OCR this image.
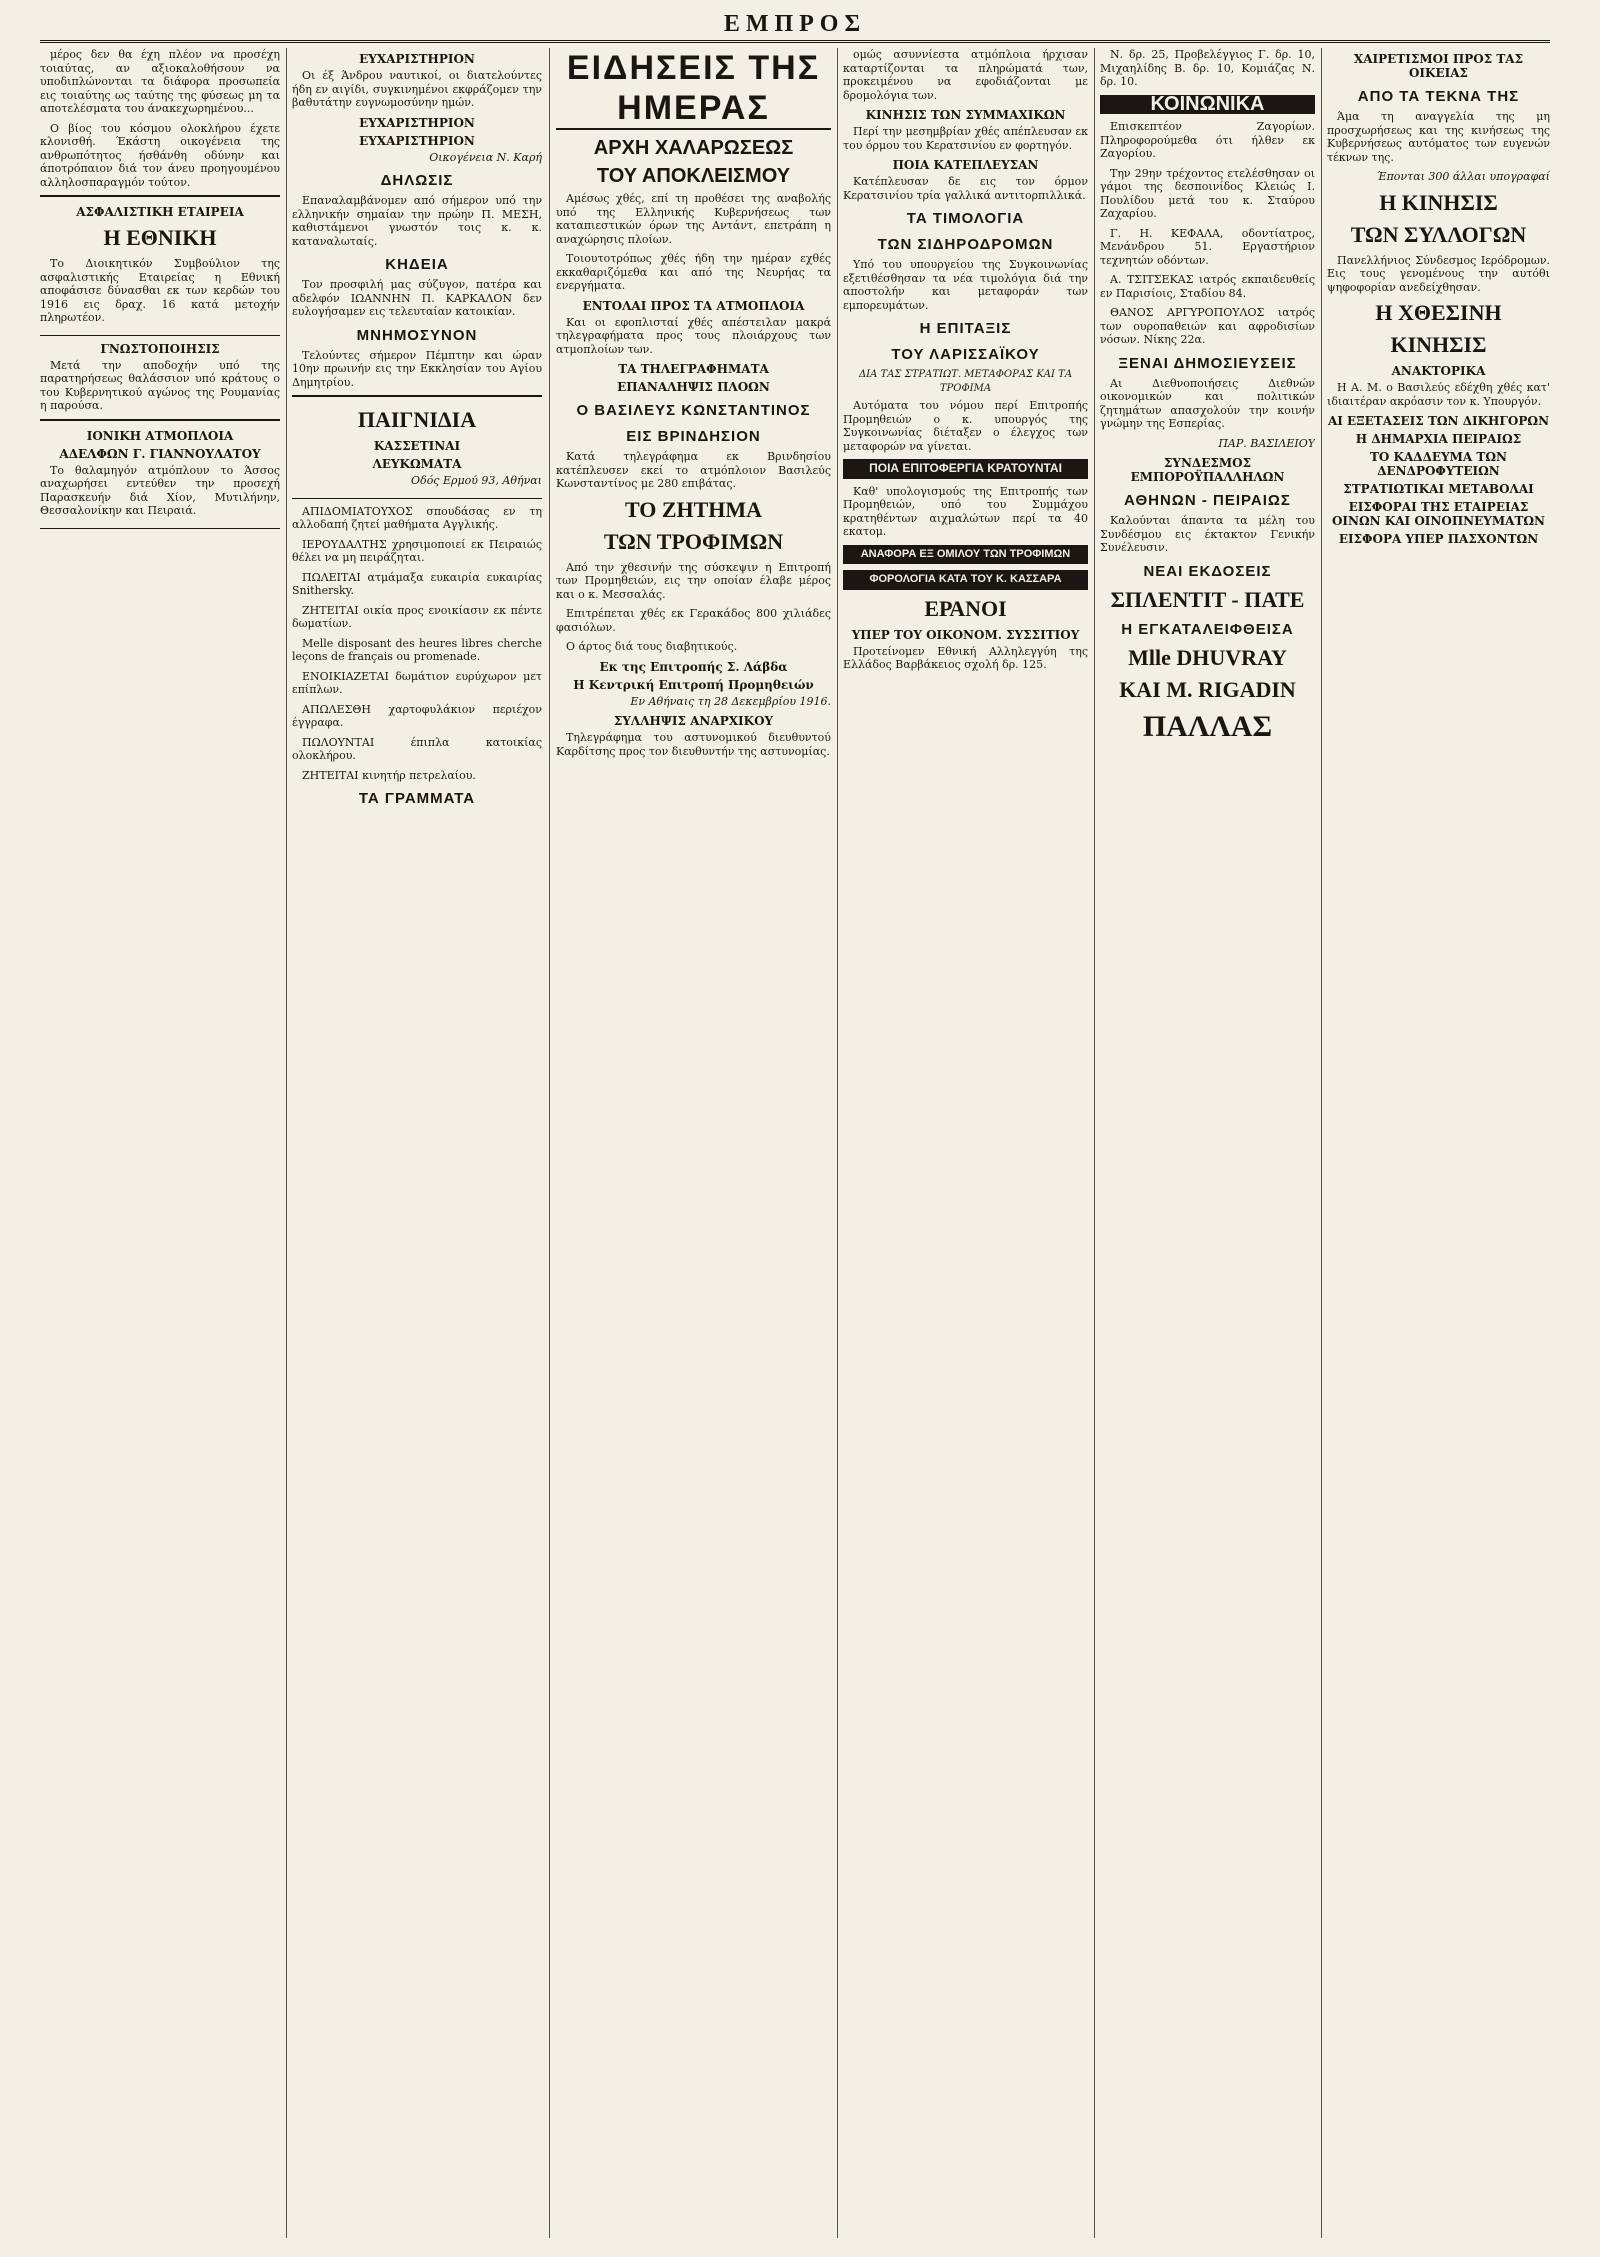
ΕΜΠΡΟΣ

μέρος δεν θα έχη πλέον να προσέχη τοιαύτας, αν αξιοκαλοθήσουν να υποδιπλώνονται τα διάφορα προσωπεία εις τοιαύτης ως ταύτης της φύσεως μη τα αποτελέσματα του άνακεχωρημένου...

Ο βίος του κόσμου ολοκλήρου έχετε κλονισθή. Έκάστη οικογένεια της ανθρωπότητος ήσθάνθη οδύνην και άποτρόπαιον διά τον άνευ προηγουμένου αλληλοσπαραγμόν τούτον.

ΑΣΦΑΛΙΣΤΙΚΗ ΕΤΑΙΡΕΙΑ
Η ΕΘΝΙΚΗ

Το Διοικητικόν Συμβούλιον της ασφαλιστικής Εταιρείας η Εθνική αποφάσισε δύνασθαι εκ των κερδών του 1916 εις δραχ. 16 κατά μετοχήν πληρωτέον.

ΓΝΩΣΤΟΠΟΙΗΣΙΣ

Μετά την αποδοχήν υπό της παρατηρήσεως θαλάσσιον υπό κράτους ο του Κυβερνητικού αγώνος της Ρουμανίας η παρούσα.

ΙΟΝΙΚΗ ΑΤΜΟΠΛΟΙΑ
ΑΔΕΛΦΩΝ Γ. ΓΙΑΝΝΟΥΛΑΤΟΥ

Το θαλαμηγόν ατμόπλουν το Άσσος αναχωρήσει εντεύθεν την προσεχή Παρασκευήν διά Χίον, Μυτιλήνην, Θεσσαλονίκην και Πειραιά.

ΕΥΧΑΡΙΣΤΗΡΙΟΝ

Οι έξ Άνδρου ναυτικοί, οι διατελούντες ήδη εν αιγίδι, συγκινημένοι εκφράζομεν την βαθυτάτην ευγνωμοσύνην ημών.

ΕΥΧΑΡΙΣΤΗΡΙΟΝ
ΕΥΧΑΡΙΣΤΗΡΙΟΝ
Οικογένεια Ν. Καρή
ΔΗΛΩΣΙΣ

Επαναλαμβάνομεν από σήμερον υπό την ελληνικήν σημαίαν την πρώην Π. ΜΕΣΗ, καθιστάμενοι γνωστόν τοις κ. κ. καταναλωταίς.

ΚΗΔΕΙΑ

Τον προσφιλή μας σύζυγον, πατέρα και αδελφόν ΙΩΑΝΝΗΝ Π. ΚΑΡΚΑΛΟΝ δεν ευλογήσαμεν εις τελευταίαν κατοικίαν.

ΜΝΗΜΟΣΥΝΟΝ

Τελούντες σήμερον Πέμπτην και ώραν 10ην πρωινήν εις την Εκκλησίαν του Αγίου Δημητρίου.

ΠΑΙΓΝΙΔΙΑ
ΚΑΣΣΕΤΙΝΑΙ
ΛΕΥΚΩΜΑΤΑ
Οδός Ερμού 93, Αθήναι

ΑΠΙΔΟΜΙΑΤΟΥΧΟΣ σπουδάσας εν τη αλλοδαπή ζητεί μαθήματα Αγγλικής.

ΙΕΡΟΥΔΑΛΤΗΣ χρησιμοποιεί εκ Πειραιώς θέλει να μη πειράζηται.

ΠΩΛΕΙΤΑΙ ατμάμαξα ευκαιρία ευκαιρίας Snithersky.

ΖΗΤΕΙΤΑΙ οικία προς ενοικίασιν εκ πέντε δωματίων.

Melle disposant des heures libres cherche leçons de français ou promenade.

ΕΝΟΙΚΙΑΖΕΤΑΙ δωμάτιον ευρύχωρον μετ επίπλων.

ΑΠΩΛΕΣΘΗ χαρτοφυλάκιον περιέχον έγγραφα.

ΠΩΛΟΥΝΤΑΙ έπιπλα κατοικίας ολοκλήρου.

ΖΗΤΕΙΤΑΙ κινητήρ πετρελαίου.

ΤΑ ΓΡΑΜΜΑΤΑ
ΕΙΔΗΣΕΙΣ ΤΗΣ ΗΜΕΡΑΣ
ΑΡΧΗ ΧΑΛΑΡΩΣΕΩΣ
ΤΟΥ ΑΠΟΚΛΕΙΣΜΟΥ

Αμέσως χθές, επί τη προθέσει της αναβολής υπό της Ελληνικής Κυβερνήσεως των καταπιεστικών όρων της Αντάντ, επετράπη η αναχώρησις πλοίων.

Τοιουτοτρόπως χθές ήδη την ημέραν εχθές εκκαθαριζόμεθα και από της Νευρήας τα ενεργήματα.

ΕΝΤΟΛΑΙ ΠΡΟΣ ΤΑ ΑΤΜΟΠΛΟΙΑ

Και οι εφοπλισταί χθές απέστειλαν μακρά τηλεγραφήματα προς τους πλοιάρχους των ατμοπλοίων των.

ΤΑ ΤΗΛΕΓΡΑΦΗΜΑΤΑ
ΕΠΑΝΑΛΗΨΙΣ ΠΛΟΩΝ
Ο ΒΑΣΙΛΕΥΣ ΚΩΝΣΤΑΝΤΙΝΟΣ
ΕΙΣ ΒΡΙΝΔΗΣΙΟΝ

Κατά τηλεγράφημα εκ Βρινδησίου κατέπλευσεν εκεί το ατμόπλοιον Βασιλεύς Κωνσταντίνος με 280 επιβάτας.

ΤΟ ΖΗΤΗΜΑ
ΤΩΝ ΤΡΟΦΙΜΩΝ

Από την χθεσινήν της σύσκεψιν η Επιτροπή των Προμηθειών, εις την οποίαν έλαβε μέρος και ο κ. Μεσσαλάς.

Επιτρέπεται χθές εκ Γερακάδος 800 χιλιάδες φασιόλων.

Ο άρτος διά τους διαβητικούς.

Εκ της Επιτροπής Σ. Λάβδα
Η Κεντρική Επιτροπή Προμηθειών
Εν Αθήναις τη 28 Δεκεμβρίου 1916.
ΣΥΛΛΗΨΙΣ ΑΝΑΡΧΙΚΟΥ

Τηλεγράφημα του αστυνομικού διευθυντού Καρδίτσης προς τον διευθυντήν της αστυνομίας.

ομώς ασυννίεστα ατμόπλοια ήρχισαν καταρτίζονται τα πληρώματά των, προκειμένου να εφοδιάζονται με δρομολόγια των.

ΚΙΝΗΣΙΣ ΤΩΝ ΣΥΜΜΑΧΙΚΩΝ

Περί την μεσημβρίαν χθές απέπλευσαν εκ του όρμου του Κερατσινίου εν φορτηγόν.

ΠΟΙΑ ΚΑΤΕΠΛΕΥΣΑΝ

Κατέπλευσαν δε εις τον όρμον Κερατσινίου τρία γαλλικά αντιτορπιλλικά.

ΤΑ ΤΙΜΟΛΟΓΙΑ
ΤΩΝ ΣΙΔΗΡΟΔΡΟΜΩΝ

Υπό του υπουργείου της Συγκοινωνίας εξετιθέσθησαν τα νέα τιμολόγια διά την αποστολήν και μεταφοράν των εμπορευμάτων.

Η ΕΠΙΤΑΞΙΣ
ΤΟΥ ΛΑΡΙΣΣΑΪΚΟΥ
ΔΙΑ ΤΑΣ ΣΤΡΑΤΙΩΤ. ΜΕΤΑΦΟΡΑΣ ΚΑΙ ΤΑ ΤΡΟΦΙΜΑ

Αυτόματα του νόμου περί Επιτροπής Προμηθειών ο κ. υπουργός της Συγκοινωνίας διέταξεν ο έλεγχος των μεταφορών να γίνεται.

ΠΟΙΑ ΕΠΙΤΟΦΕΡΓΙΑ ΚΡΑΤΟΥΝΤΑΙ

Καθ' υπολογισμούς της Επιτροπής των Προμηθειών, υπό του Συμμάχου κρατηθέντων αιχμαλώτων περί τα 40 εκατομ.

ΑΝΑΦΟΡΑ ΕΞ ΟΜΙΛΟΥ ΤΩΝ ΤΡΟΦΙΜΩΝ
ΦΟΡΟΛΟΓΙΑ ΚΑΤΑ ΤΟΥ Κ. ΚΑΣΣΑΡΑ
ΕΡΑΝΟΙ
ΥΠΕΡ ΤΟΥ ΟΙΚΟΝΟΜ. ΣΥΣΣΙΤΙΟΥ

Προτείνομεν Εθνική Αλληλεγγύη της Ελλάδος Βαρβάκειος σχολή δρ. 125.

Ν. δρ. 25, Προβελέγγιος Γ. δρ. 10, Μιχαηλίδης Β. δρ. 10, Κομιάζας Ν. δρ. 10.

ΚΟΙΝΩΝΙΚΑ

Επισκεπτέον Ζαγορίων. Πληροφορούμεθα ότι ήλθεν εκ Ζαγορίου.

Την 29ην τρέχοντος ετελέσθησαν οι γάμοι της δεσποινίδος Κλειώς Ι. Πουλίδου μετά του κ. Σταύρου Ζαχαρίου.

Γ. Η. ΚΕΦΑΛΑ, οδοντίατρος, Μενάνδρου 51. Εργαστήριον τεχνητών οδόντων.

Α. ΤΣΙΤΣΕΚΑΣ ιατρός εκπαιδευθείς εν Παρισίοις, Σταδίου 84.

ΘΑΝΟΣ ΑΡΓΥΡΟΠΟΥΛΟΣ ιατρός των ουροπαθειών και αφροδισίων νόσων. Νίκης 22α.

ΞΕΝΑΙ ΔΗΜΟΣΙΕΥΣΕΙΣ

Αι Διεθνοποιήσεις Διεθνών οικονομικών και πολιτικών ζητημάτων απασχολούν την κοινήν γνώμην της Εσπερίας.

ΠΑΡ. ΒΑΣΙΛΕΙΟΥ
ΣΥΝΔΕΣΜΟΣ ΕΜΠΟΡΟΫΠΑΛΛΗΛΩΝ
ΑΘΗΝΩΝ - ΠΕΙΡΑΙΩΣ

Καλούνται άπαντα τα μέλη του Συνδέσμου εις έκτακτον Γενικήν Συνέλευσιν.

ΝΕΑΙ ΕΚΔΟΣΕΙΣ
ΣΠΛΕΝΤΙΤ - ΠΑΤΕ
Η ΕΓΚΑΤΑΛΕΙΦΘΕΙΣΑ
Mlle DHUVRAY
KAI M. RIGADIN
ΠΑΛΛΑΣ
ΧΑΙΡΕΤΙΣΜΟΙ ΠΡΟΣ ΤΑΣ ΟΙΚΕΙΑΣ
ΑΠΟ ΤΑ ΤΕΚΝΑ ΤΗΣ

Άμα τη αναγγελία της μη προσχωρήσεως και της κινήσεως της Κυβερνήσεως αυτόματος των ευγενών τέκνων της.

Έπονται 300 άλλαι υπογραφαί
Η ΚΙΝΗΣΙΣ
ΤΩΝ ΣΥΛΛΟΓΩΝ

Πανελλήνιος Σύνδεσμος Ιερόδρομων. Εις τους γενομένους την αυτόθι ψηφοφορίαν ανεδείχθησαν.

Η ΧΘΕΣΙΝΗ
ΚΙΝΗΣΙΣ
ΑΝΑΚΤΟΡΙΚΑ

Η Α. Μ. ο Βασιλεύς εδέχθη χθές κατ' ιδιαιτέραν ακρόασιν τον κ. Υπουργόν.

ΑΙ ΕΞΕΤΑΣΕΙΣ ΤΩΝ ΔΙΚΗΓΟΡΩΝ
Η ΔΗΜΑΡΧΙΑ ΠΕΙΡΑΙΩΣ
ΤΟ ΚΑΔΔΕΥΜΑ ΤΩΝ ΔΕΝΔΡΟΦΥΤΕΙΩΝ
ΣΤΡΑΤΙΩΤΙΚΑΙ ΜΕΤΑΒΟΛΑΙ
ΕΙΣΦΟΡΑΙ ΤΗΣ ΕΤΑΙΡΕΙΑΣ ΟΙΝΩΝ ΚΑΙ ΟΙΝΟΠΝΕΥΜΑΤΩΝ
ΕΙΣΦΟΡΑ ΥΠΕΡ ΠΑΣΧΟΝΤΩΝ
